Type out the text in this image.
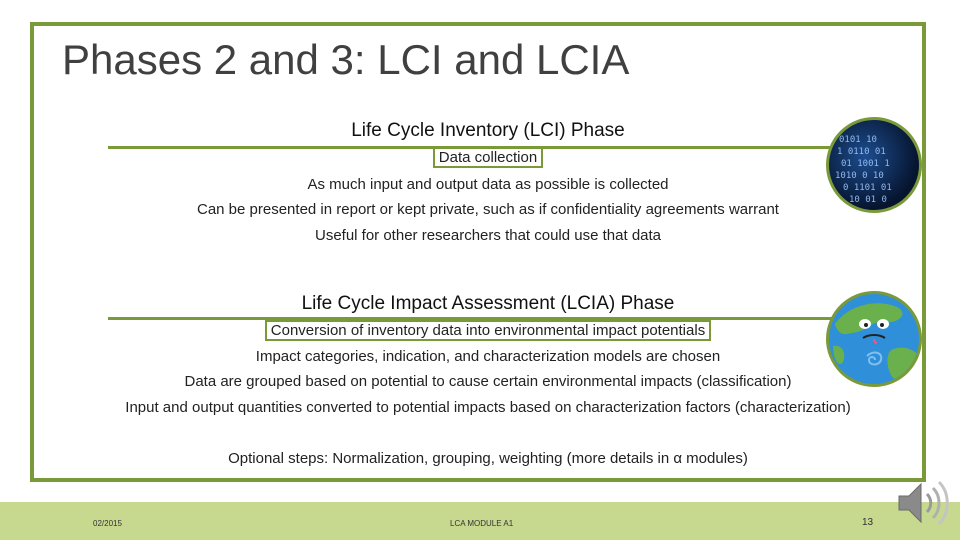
Phases 2 and 3: LCI and LCIA
Life Cycle Inventory (LCI) Phase
Data collection
As much input and output data as possible is collected
Can be presented in report or kept private, such as if confidentiality agreements warrant
Useful for other researchers that could use that data
0101 10
1 0110 01
01 1001 1
1010 0 10
0 1101 01
10 01 0
Life Cycle Impact Assessment (LCIA) Phase
Conversion of inventory data into environmental impact potentials
Impact categories, indication, and characterization models are chosen
Data are grouped based on potential to cause certain environmental impacts (classification)
Input and output quantities converted to potential impacts based on characterization factors (characterization)
Optional steps: Normalization, grouping, weighting (more details in α modules)
02/2015	LCA MODULE A1	13
